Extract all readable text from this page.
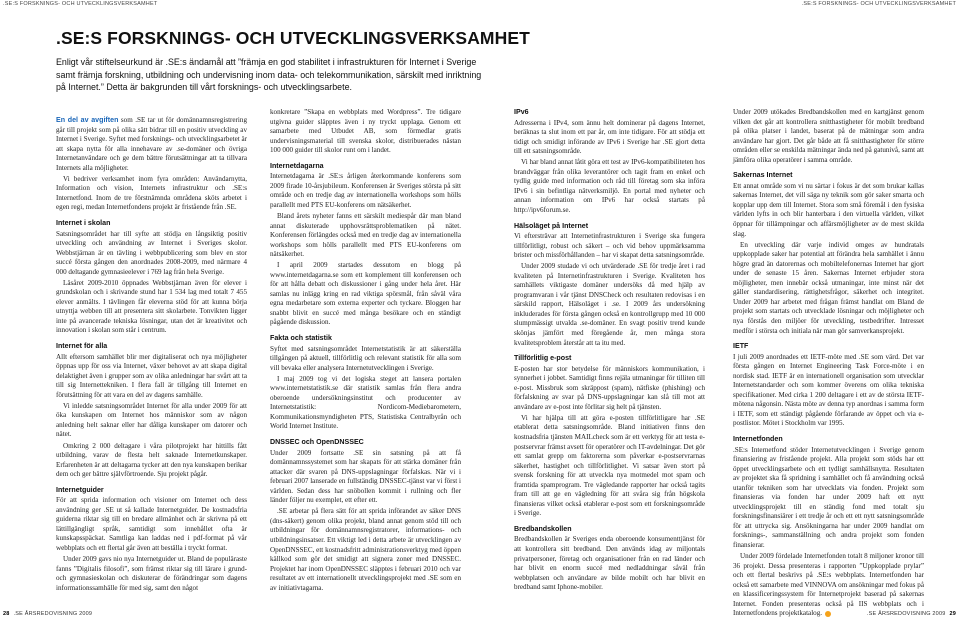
.SE:S FORSKNINGS- OCH UTVECKLINGSVERKSAMHET	.SE:S FORSKNINGS- OCH UTVECKLINGSVERKSAMHET
.SE:S FORSKNINGS- OCH UTVECKLINGSVERKSAMHET

Enligt vår stiftelseurkund är .SE:s ändamål att ”främja en god stabilitet i infrastrukturen för Internet i Sverige samt främja forskning, utbildning och undervisning inom data- och telekommunikation, särskilt med inriktning på Internet.” Detta är bakgrunden till vårt forsknings- och utvecklingsarbete.

En del av avgiften som .SE tar ut för domännamnsregistrering går till projekt som på olika sätt bidrar till en positiv utveckling av Internet i Sverige. Syftet med forsknings- och utvecklingsarbetet är att skapa nytta för alla innehavare av .se-domäner och övriga Internetanvändare och ge dem bättre förutsättningar att ta tillvara Internets alla möjligheter.

Vi bedriver verksamhet inom fyra områden: Användarnytta, Information och vision, Internets infrastruktur och .SE:s Internetfond. Inom de tre förstnämnda områdena sköts arbetet i egen regi, medan Internetfondens projekt är fristående från .SE.

Internet i skolan

Satsningsområdet har till syfte att stödja en långsiktig positiv utveckling och användning av Internet i Sveriges skolor. Webbstjärnan är en tävling i webbpublicering som blev en stor succé första gången den anordnades 2008-2009, med närmare 4 000 deltagande gymnasieelever i 769 lag från hela Sverige.

Läsåret 2009-2010 öppnades Webbstjärnan även för elever i grundskolan och i skrivande stund har 1 534 lag med totalt 7 455 elever anmälts. I tävlingen får eleverna stöd för att kunna börja utnyttja webben till att presentera sitt skolarbete. Tonvikten ligger inte på avancerade tekniska lösningar, utan det är kreativitet och innovation i skolan som står i centrum.

Internet för alla

Allt eftersom samhället blir mer digitaliserat och nya möjligheter öppnas upp för oss via Internet, växer behovet av att skapa digital delaktighet även i grupper som av olika anledningar har svårt att ta till sig Internettekniken. I flera fall är tillgång till Internet en förutsättning för att vara en del av dagens samhälle.

Vi inledde satsningsområdet Internet för alla under 2009 för att öka kunskapen om Internet hos människor som av någon anledning helt saknar eller har dåliga kunskaper om datorer och nätet.

Omkring 2 000 deltagare i våra pilotprojekt har hittills fått utbildning, varav de flesta helt saknade Internetkunskaper. Erfarenheten är att deltagarna tycker att den nya kunskapen berikar dem och ger bättre självförtroende. Sju projekt pågår.

Internetguider

För att sprida information och visioner om Internet och dess användning ger .SE ut så kallade Internetguider. De kostnadsfria guiderna riktar sig till en bredare allmänhet och är skrivna på ett lättillgängligt språk, samtidigt som innehållet ofta är kunskapsspäckat. Samtliga kan laddas ned i pdf-format på vår webbplats och ett flertal går även att beställa i tryckt format.

Under 2009 gavs nio nya Internetguider ut. Bland de populäraste fanns ”Digitalis filosofi”, som främst riktar sig till lärare i grund- och gymnasieskolan och diskuterar de förändringar som dagens informationssamhälle för med sig, samt den något

konkretare ”Skapa en webbplats med Wordpress”. Tre tidigare utgivna guider släpptes även i ny tryckt upplaga. Genom ett samarbete med Utbudet AB, som förmedlar gratis undervisningsmaterial till svenska skolor, distribuerades nästan 100 000 guider till skolor runt om i landet.

Internetdagarna

Internetdagarna är .SE:s årligen återkommande konferens som 2009 firade 10-årsjubileum. Konferensen är Sveriges största på sitt område och en tredje dag av internationella workshops som hölls parallellt med PTS EU-konferens om nätsäkerhet.

Bland årets nyheter fanns ett särskilt mediespår där man bland annat diskuterade upphovsrättsproblematiken på nätet. Konferensen förlängdes också med en tredje dag av internationella workshops som hölls parallellt med PTS EU-konferens om nätsäkerhet.

I april 2009 startades dessutom en blogg på www.internetdagarna.se som ett komplement till konferensen och för att hålla debatt och diskussioner i gång under hela året. Här samlas nu inlägg kring en rad viktiga spörsmål, från såväl våra egna medarbetare som externa experter och tyckare. Bloggen har snabbt blivit en succé med många besökare och en ständigt pågående diskussion.

Fakta och statistik

Syftet med satsningsområdet Internetstatistik är att säkerställa tillgången på aktuell, tillförlitlig och relevant statistik för alla som vill bevaka eller analysera Internetutvecklingen i Sverige.

I maj 2009 tog vi det logiska steget att lansera portalen www.internetstatistik.se där statistik samlas från flera andra oberoende undersökningsinstitut och producenter av Internetstatistik: Nordicom-Mediebarometern, Kommunikationsmyndigheten PTS, Statistiska Centralbyrån och World Internet Institute.

DNSSEC och OpenDNSSEC

Under 2009 fortsatte .SE sin satsning på att få domännamnssystemet som har skapats för att stärka domäner från attacker där svaren på DNS-uppslagningar förfalskas. När vi i februari 2007 lanserade en fullständig DNSSEC-tjänst var vi först i världen. Sedan dess har snöbollen kommit i rullning och fler länder följer nu exemplet, ett efter ett.

.SE arbetar på flera sätt för att sprida införandet av säker DNS (dns-säkert) genom olika projekt, bland annat genom stöd till och utbildningar för domännamnsregistratorer, informations- och utbildningsinsatser. Ett viktigt led i detta arbete är utvecklingen av OpenDNSSEC, ett kostnadsfritt administrationsverktyg med öppen källkod som gör det smidigt att signera zoner med DNSSEC. Projektet har inom OpenDNSSEC släpptes i februari 2010 och var resultatet av ett internationellt utvecklingsprojekt med .SE som en av initiativtagarna.

IPv6

Adresserna i IPv4, som ännu helt dominerar på dagens Internet, beräknas ta slut inom ett par år, om inte tidigare. För att stödja ett tidigt och smidigt införande av IPv6 i Sverige har .SE gjort detta till ett satsningsområde.

Vi har bland annat låtit göra ett test av IPv6-kompatibiliteten hos brandväggar från olika leverantörer och tagit fram en enkel och tydlig guide med information och råd till företag som ska införa IPv6 i sin befintliga nätverksmiljö. En portal med nyheter och annan information om IPv6 har också startats på http://ipv6forum.se.

Hälsoläget på Internet

Vi eftersträvar att Internetinfrastrukturen i Sverige ska fungera tillförlitligt, robust och säkert – och vid behov uppmärksamma brister och missförhållanden – har vi skapat detta satsningsområde.

Under 2009 studade vi och utvärderade .SE för tredje året i rad kvaliteten på Internetinfrastrukturen i Sverige. Kvaliteten hos samhällets viktigaste domäner undersöks då med hjälp av programvaran i vår tjänst DNSCheck och resultaten redovisas i en särskild rapport, Hälsoläget i .se. I 2009 års undersökning inkluderades för första gången också en kontrollgrupp med 10 000 slumpmässigt utvalda .se-domäner. En svagt positiv trend kunde skönjas jämfört med föregående år, men många stora kvalitetsproblem återstår att ta itu med.

Tillförlitlig e-post

E-posten har stor betydelse för människors kommunikation, i synnerhet i jobbet. Samtidigt finns rejäla utmaningar för tilliten till e-post. Missbruk som skräppost (spam), nätfiske (phishing) och förfalskning av svar på DNS-uppslagningar kan slå till mot att användare av e-post inte förlitar sig helt på tjänsten.

Vi har hjälpa till att göra e-posten tillförlitligare har .SE etablerat detta satsningsområde. Bland initiativen finns den kostnadsfria tjänsten MAILcheck som är ett verktyg för att testa e-postservrar främst avsett för operatörer och IT-avdelningar. Det gör ett samlat grepp om faktorerna som påverkar e-postservrarnas säkerhet, hastighet och tillförlitlighet. Vi satsar även stort på svensk forskning för att utveckla nya motmedel mot spam och framtida spamprogram. Tre vägledande rapporter har också tagits fram till att ge en vägledning för att svåra sig från högskola finansieras vilket också etablerar e-post som ett forskningsområde i Sverige.

Bredbandskollen

Bredbandskollen är Sveriges enda oberoende konsumenttjänst för att kontrollera sitt bredband. Den används idag av miljontals privatpersoner, företag och organisationer från en rad länder och har blivit en enorm succé med nedladdningar såväl från webbplatsen och användare av bilde mobilt och har blivit en bredband samt Iphone-mobiler.

Under 2009 utökades Bredbandskollen med en kartgjänst genom vilken det går att kontrollera snitthastigheter för mobilt bredband på olika platser i landet, baserat på de mätningar som andra användare har gjort. Det går både att få snitthastigheter för större områden eller se enskilda mätningar ända ned på gatunivå, samt att jämföra olika operatörer i samma område.

Sakernas Internet

Ett annat område som vi nu särtar i fokus är det som brukar kallas sakernas Internet, det vill säga ny teknik som gör saker smarta och kopplar upp dem till Internet. Stora som små föremål i den fysiska världen lyfts in och blir hanterbara i den virtuella världen, vilket öppnar för tillämpningar och affärsmöjligheter av de mest skilda slag.

En utveckling där varje individ omges av hundratals uppkopplade saker har potential att förändra hela samhället i ännu högre grad än datorernas och mobiltelefonernas Internet har gjort under de senaste 15 åren. Sakernas Internet erbjuder stora möjligheter, men innebär också utmaningar, inte minst när det gäller standardisering, rättighetsfrågor, säkerhet och integritet. Under 2009 har arbetet med frågan främst handlat om Bland de projekt som startats och utvecklade lösningar och möjligheter och nya förstås den miljöer för utveckling, testbedrifter. Intresset medför i största och initiala när man gör samverkansprojekt.

IETF

I juli 2009 anordnades ett IETF-möte med .SE som värd. Det var första gången en Internet Engineering Task Force-möte i en nordisk stad. IETF är en internationell organisation som utvecklar Internetstandarder och som kommer överens om olika tekniska specifikationer. Med cirka 1 200 deltagare i ett av de största IETF-mötena någonsin. Nästa möte av denna typ anordnas i samma form i IETF, som ett ständigt pågående förfarande av öppet och via e-postlistor. Mötet i Stockholm var 1995.

Internetfonden

.SE:s Internetfond stöder Internetutvecklingen i Sverige genom finansiering av fristående projekt. Alla projekt som stöds har ett öppet utvecklingsarbete och ett tydligt samhällsnytta. Resultaten av projektet ska få spridning i samhället och få användning också utanför tekniken som har utvecklats via fonden. Projekt som finansieras via fonden har under 2009 haft ett nytt utvecklingsprojekt till en ständig fond med totalt sju forskningsfinansiärer i ett tredje år och ett ett nytt satsningsområde för att uttrycka sig. Ansökningarna har under 2009 handlat om forsknings-, sammanställning och andra projekt som fonden finansierar.

Under 2009 fördelade Internetfonden totalt 8 miljoner kronor till 36 projekt. Dessa presenteras i rapporten ”Uppkopplade prylar” och ett flertal beskrivs på .SE:s webbplats. Internetfonden har också ett samarbete med VINNOVA om ansökningar med fokus på en klassificeringssystem för Internetprojekt baserad på sakernas Internet. Fonden presenteras också på IIS webbplats och i Internetfondens projektkatalog.

28 .SE ÅRSREDOVISNING 2009	.SE ÅRSREDOVISNING 2009 29
